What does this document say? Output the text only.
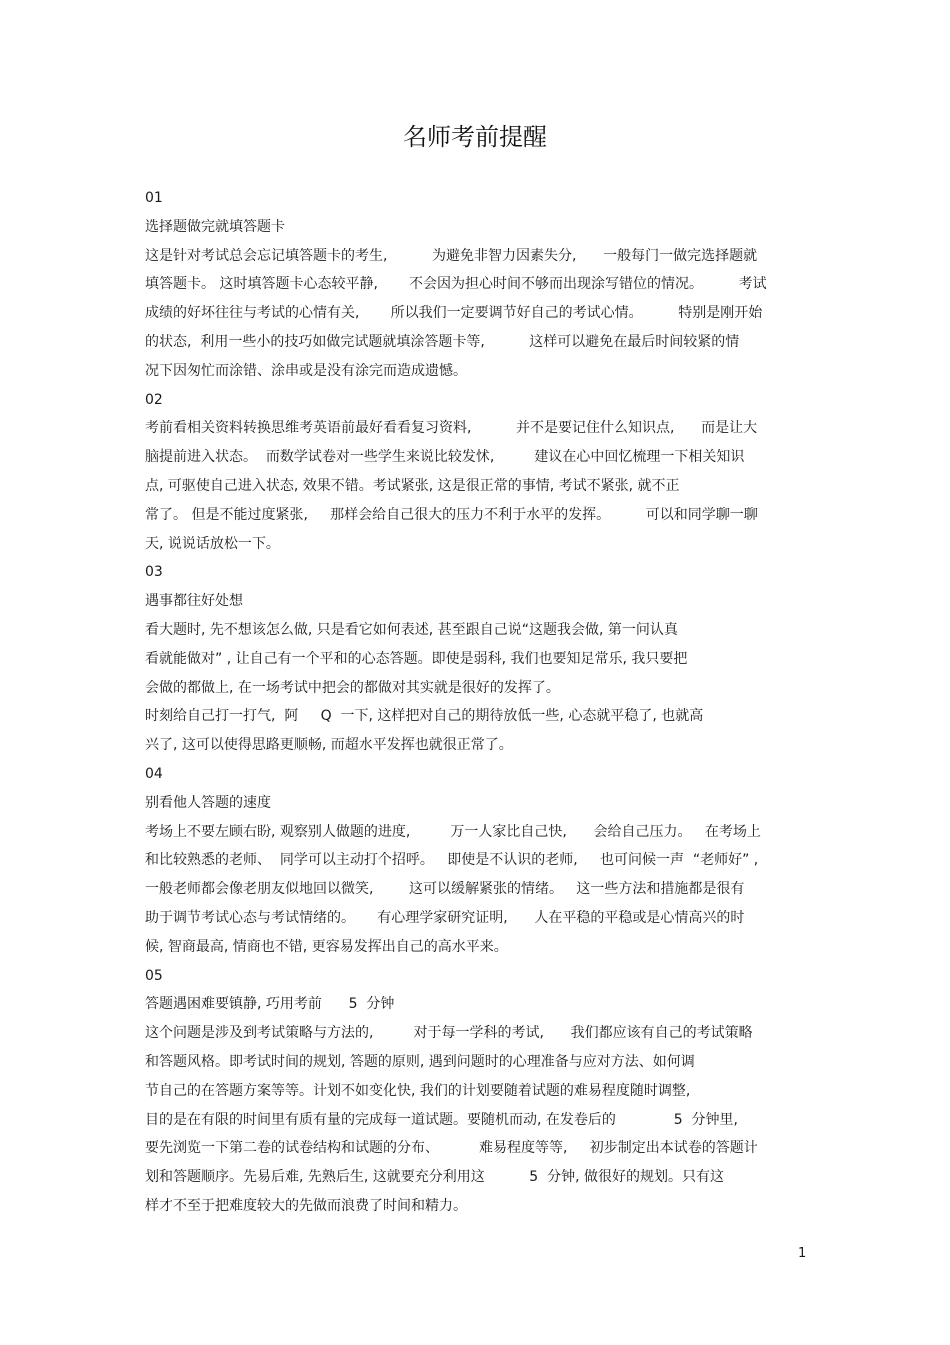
名师考前提醒
01
选择题做完就填答题卡
这是针对考试总会忘记填答题卡的考生,          为避免非智力因素失分,      一般每门一做完选择题就
填答题卡。 这时填答题卡心态较平静,       不会因为担心时间不够而出现涂写错位的情况。        考试
成绩的好坏往往与考试的心情有关,       所以我们一定要调节好自己的考试心情。        特别是刚开始
的状态,  利用一些小的技巧如做完试题就填涂答题卡等,          这样可以避免在最后时间较紧的情
况下因匆忙而涂错、涂串或是没有涂完而造成遗憾。
02
考前看相关资料转换思维考英语前最好看看复习资料,          并不是要记住什么知识点,      而是让大
脑提前进入状态。  而数学试卷对一些学生来说比较发怵,         建议在心中回忆梳理一下相关知识
点, 可驱使自己进入状态, 效果不错。考试紧张, 这是很正常的事情, 考试不紧张, 就不正
常了。 但是不能过度紧张,     那样会给自己很大的压力不利于水平的发挥。        可以和同学聊一聊
天, 说说话放松一下。
03
遇事都往好处想
看大题时, 先不想该怎么做, 只是看它如何表述, 甚至跟自己说“这题我会做, 第一问认真
看就能做对” , 让自己有一个平和的心态答题。即使是弱科, 我们也要知足常乐, 我只要把
会做的都做上, 在一场考试中把会的都做对其实就是很好的发挥了。
时刻给自己打一打气,  阿     Q  一下, 这样把对自己的期待放低一些, 心态就平稳了, 也就高
兴了, 这可以使得思路更顺畅, 而超水平发挥也就很正常了。
04
别看他人答题的速度
考场上不要左顾右盼, 观察别人做题的进度,         万一人家比自己快,      会给自己压力。   在考场上
和比较熟悉的老师、  同学可以主动打个招呼。   即使是不认识的老师,     也可问候一声  “老师好” ,
一般老师都会像老朋友似地回以微笑,        这可以缓解紧张的情绪。   这一些方法和措施都是很有
助于调节考试心态与考试情绪的。     有心理学家研究证明,      人在平稳的平稳或是心情高兴的时
候, 智商最高, 情商也不错, 更容易发挥出自己的高水平来。
05
答题遇困难要镇静, 巧用考前      5  分钟
这个问题是涉及到考试策略与方法的,         对于每一学科的考试,      我们都应该有自己的考试策略
和答题风格。即考试时间的规划, 答题的原则, 遇到问题时的心理准备与应对方法、如何调
节自己的在答题方案等等。计划不如变化快, 我们的计划要随着试题的难易程度随时调整,
目的是在有限的时间里有质有量的完成每一道试题。要随机而动, 在发卷后的             5  分钟里,
要先浏览一下第二卷的试卷结构和试题的分布、         难易程度等等,     初步制定出本试卷的答题计
划和答题顺序。先易后难, 先熟后生, 这就要充分利用这          5  分钟, 做很好的规划。只有这
样才不至于把难度较大的先做而浪费了时间和精力。
1
